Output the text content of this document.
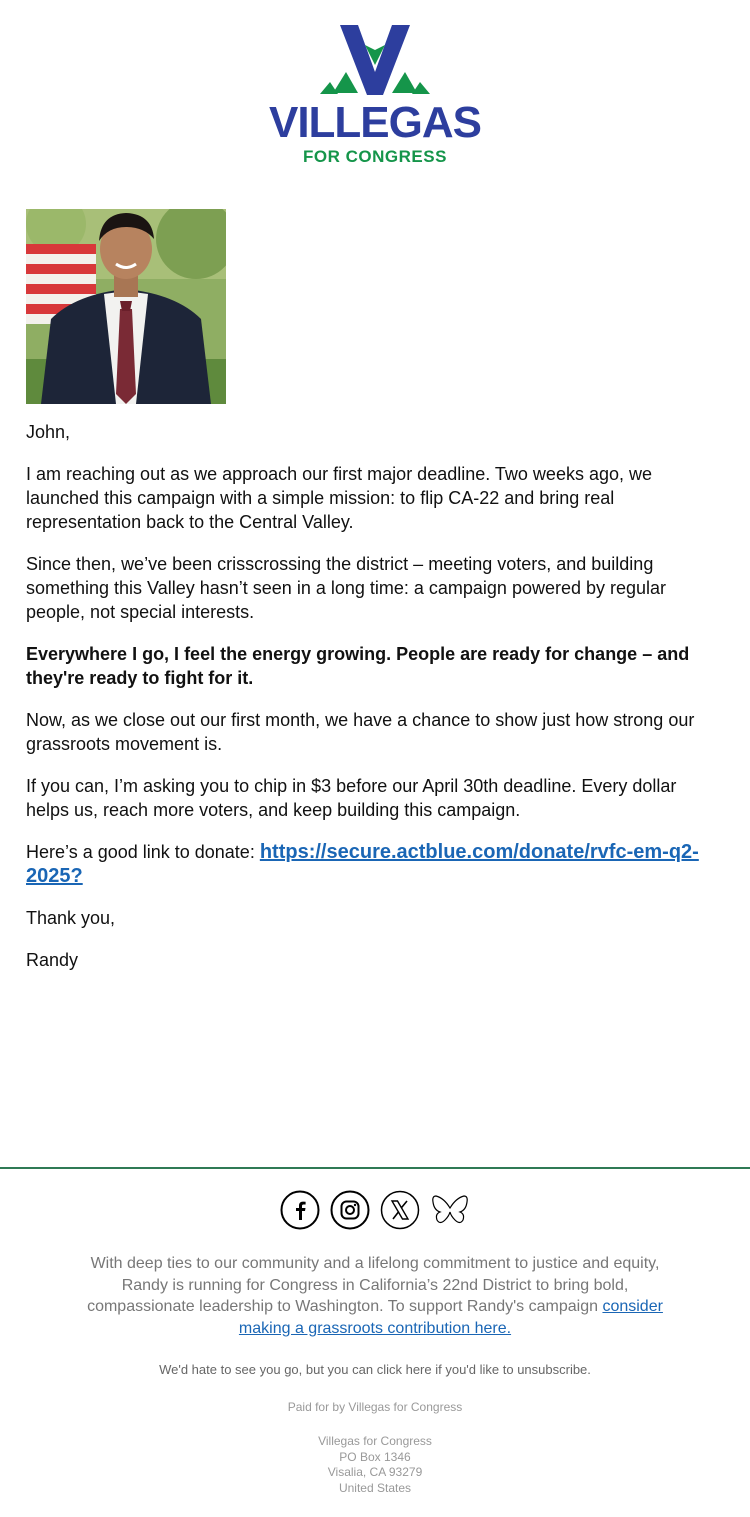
VILLEGAS
FOR CONGRESS

John,

I am reaching out as we approach our first major deadline. Two weeks ago, we launched this campaign with a simple mission: to flip CA-22 and bring real representation back to the Central Valley.

Since then, we’ve been crisscrossing the district – meeting voters, and building something this Valley hasn’t seen in a long time: a campaign powered by regular people, not special interests.

Everywhere I go, I feel the energy growing. People are ready for change – and they're ready to fight for it.

Now, as we close out our first month, we have a chance to show just how strong our grassroots movement is.

If you can, I’m asking you to chip in $3 before our April 30th deadline. Every dollar helps us, reach more voters, and keep building this campaign.

Here’s a good link to donate: https://secure.actblue.com/donate/rvfc-em-q2-2025?

Thank you,

Randy

With deep ties to our community and a lifelong commitment to justice and equity, Randy is running for Congress in California’s 22nd District to bring bold, compassionate leadership to Washington. To support Randy's campaign consider making a grassroots contribution here.
We'd hate to see you go, but you can click here if you'd like to unsubscribe.
Paid for by Villegas for Congress
Villegas for Congress
PO Box 1346
Visalia, CA 93279
United States
